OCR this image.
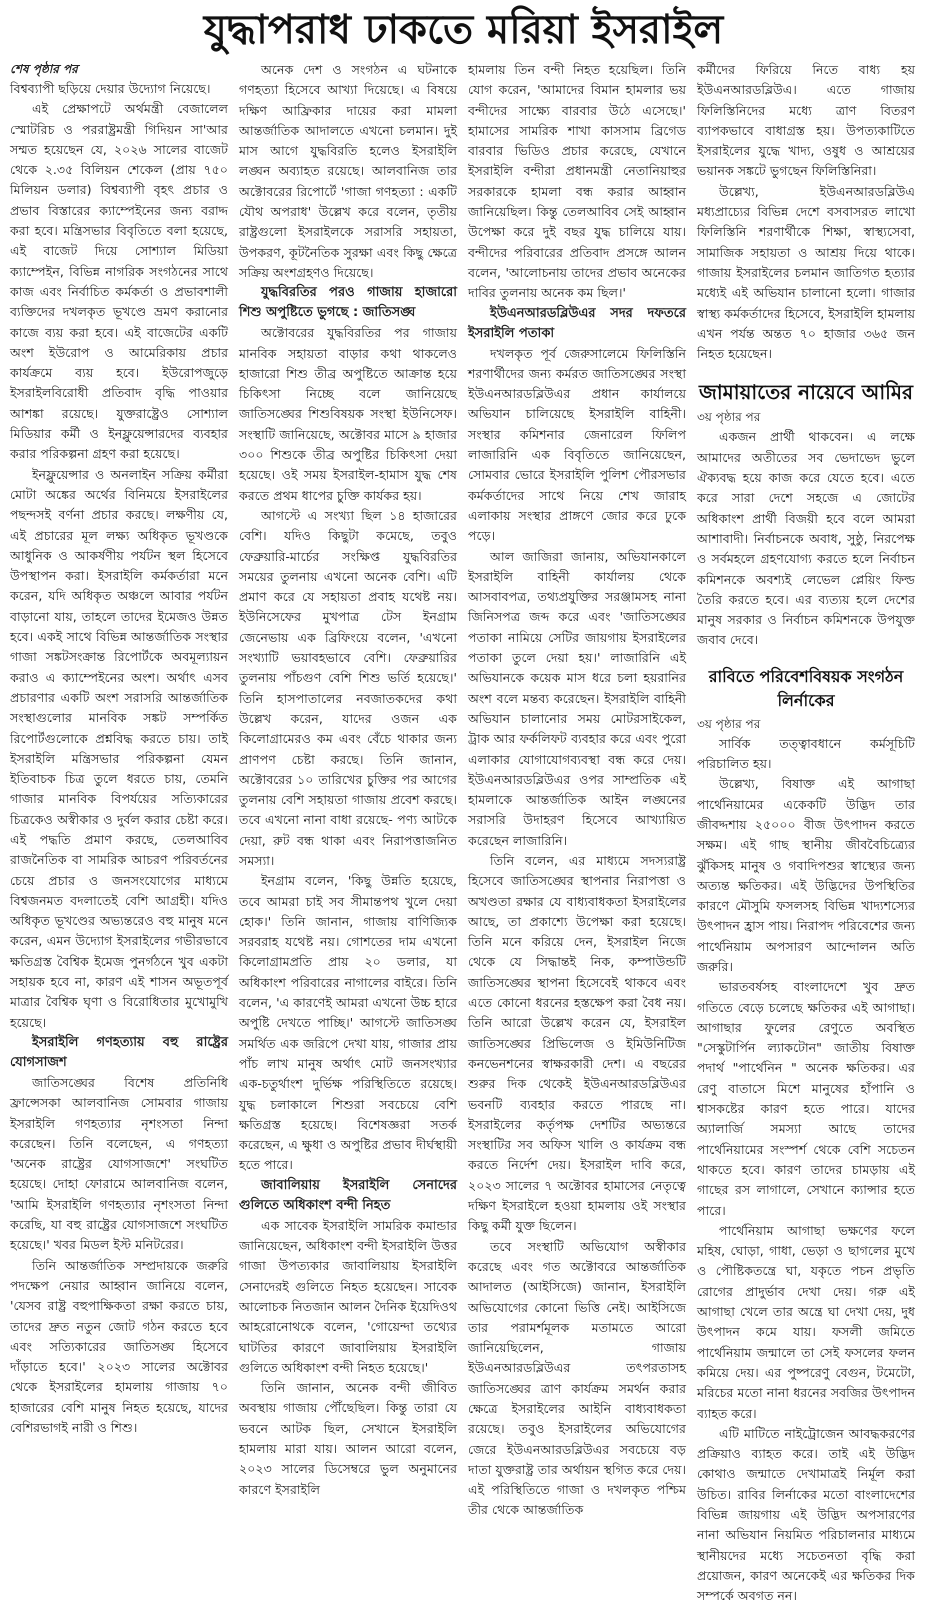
যুদ্ধাপরাধ ঢাকতে মরিয়া ইসরাইল
শেষ পৃষ্ঠার পর

বিশ্বব্যাপী ছড়িয়ে দেয়ার উদ্যোগ নিয়েছে।

এই প্রেক্ষাপটে অর্থমন্ত্রী বেজালেল স্মোটরিচ ও পররাষ্ট্রমন্ত্রী গিদিয়ন সা'আর সম্মত হয়েছেন যে, ২০২৬ সালের বাজেট থেকে ২.৩৫ বিলিয়ন শেকেল (প্রায় ৭৫০ মিলিয়ন ডলার) বিশ্বব্যাপী বৃহৎ প্রচার ও প্রভাব বিস্তারের ক্যাম্পেইনের জন্য বরাদ্দ করা হবে। মন্ত্রিসভার বিবৃতিতে বলা হয়েছে, এই বাজেট দিয়ে সোশ্যাল মিডিয়া ক্যাম্পেইন, বিভিন্ন নাগরিক সংগঠনের সাথে কাজ এবং নির্বাচিত কর্মকর্তা ও প্রভাবশালী ব্যক্তিদের দখলকৃত ভূখণ্ডে ভ্রমণ করানোর কাজে ব্যয় করা হবে। এই বাজেটের একটি অংশ ইউরোপ ও আমেরিকায় প্রচার কার্যক্রমে ব্যয় হবে। ইউরোপজুড়ে ইসরাইলবিরোধী প্রতিবাদ বৃদ্ধি পাওয়ার আশঙ্কা রয়েছে। যুক্তরাষ্ট্রেও সোশ্যাল মিডিয়ার কর্মী ও ইনফ্লুয়েন্সারদের ব্যবহার করার পরিকল্পনা গ্রহণ করা হয়েছে।

ইনফ্লুয়েন্সার ও অনলাইন সক্রিয় কর্মীরা মোটা অঙ্কের অর্থের বিনিময়ে ইসরাইলের পছন্দসই বর্ণনা প্রচার করছে। লক্ষণীয় যে, এই প্রচারের মূল লক্ষ্য অধিকৃত ভূখণ্ডকে আধুনিক ও আকর্ষণীয় পর্যটন স্থল হিসেবে উপস্থাপন করা। ইসরাইলি কর্মকর্তারা মনে করেন, যদি অধিকৃত অঞ্চলে আবার পর্যটন বাড়ানো যায়, তাহলে তাদের ইমেজও উন্নত হবে। একই সাথে বিভিন্ন আন্তর্জাতিক সংস্থার গাজা সঙ্কটসংক্রান্ত রিপোর্টকে অবমূল্যায়ন করাও এ ক্যাম্পেইনের অংশ। অর্থাৎ এসব প্রচারণার একটি অংশ সরাসরি আন্তর্জাতিক সংস্থাগুলোর মানবিক সঙ্কট সম্পর্কিত রিপোর্টগুলোকে প্রশ্নবিদ্ধ করতে চায়। তাই ইসরাইলি মন্ত্রিসভার পরিকল্পনা যেমন ইতিবাচক চিত্র তুলে ধরতে চায়, তেমনি গাজার মানবিক বিপর্যয়ের সত্যিকারের চিত্রকেও অস্বীকার ও দুর্বল করার চেষ্টা করে। এই পদ্ধতি প্রমাণ করছে, তেলআবিব রাজনৈতিক বা সামরিক আচরণ পরিবর্তনের চেয়ে প্রচার ও জনসংযোগের মাধ্যমে বিশ্বজনমত বদলাতেই বেশি আগ্রহী। যদিও অধিকৃত ভূখণ্ডের অভ্যন্তরেও বহু মানুষ মনে করেন, এমন উদ্যোগ ইসরাইলের গভীরভাবে ক্ষতিগ্রস্ত বৈশ্বিক ইমেজ পুনর্গঠনে খুব একটা সহায়ক হবে না, কারণ এই শাসন অভূতপূর্ব মাত্রার বৈশ্বিক ঘৃণা ও বিরোধিতার মুখোমুখি হয়েছে।

ইসরাইলি গণহত্যায় বহু রাষ্ট্রের যোগসাজশ

জাতিসঙ্ঘের বিশেষ প্রতিনিধি ফ্রান্সেসকা আলবানিজ সোমবার গাজায় ইসরাইলি গণহত্যার নৃশংসতা নিন্দা করেছেন। তিনি বলেছেন, এ গণহত্যা 'অনেক রাষ্ট্রের যোগসাজশে' সংঘটিত হয়েছে। দোহা ফোরামে আলবানিজ বলেন, 'আমি ইসরাইলি গণহত্যার নৃশংসতা নিন্দা করেছি, যা বহু রাষ্ট্রের যোগসাজশে সংঘটিত হয়েছে।' খবর মিডল ইস্ট মনিটরের।

তিনি আন্তর্জাতিক সম্প্রদায়কে জরুরি পদক্ষেপ নেয়ার আহ্বান জানিয়ে বলেন, 'যেসব রাষ্ট্র বহুপাক্ষিকতা রক্ষা করতে চায়, তাদের দ্রুত নতুন জোট গঠন করতে হবে এবং সত্যিকারের জাতিসঙ্ঘ হিসেবে দাঁড়াতে হবে।' ২০২৩ সালের অক্টোবর থেকে ইসরাইলের হামলায় গাজায় ৭০ হাজারের বেশি মানুষ নিহত হয়েছে, যাদের বেশিরভাগই নারী ও শিশু।

অনেক দেশ ও সংগঠন এ ঘটনাকে গণহত্যা হিসেবে আখ্যা দিয়েছে। এ বিষয়ে দক্ষিণ আফ্রিকার দায়ের করা মামলা আন্তর্জাতিক আদালতে এখনো চলমান। দুই মাস আগে যুদ্ধবিরতি হলেও ইসরাইলি লঙ্ঘন অব্যাহত রয়েছে। আলবানিজ তার অক্টোবরের রিপোর্টে 'গাজা গণহত্যা : একটি যৌথ অপরাধ' উল্লেখ করে বলেন, তৃতীয় রাষ্ট্রগুলো ইসরাইলকে সরাসরি সহায়তা, উপকরণ, কূটনৈতিক সুরক্ষা এবং কিছু ক্ষেত্রে সক্রিয় অংশগ্রহণও দিয়েছে।

যুদ্ধবিরতির পরও গাজায় হাজারো শিশু অপুষ্টিতে ভুগছে : জাতিসঙ্ঘ

অক্টোবরের যুদ্ধবিরতির পর গাজায় মানবিক সহায়তা বাড়ার কথা থাকলেও হাজারো শিশু তীব্র অপুষ্টিতে আক্রান্ত হয়ে চিকিৎসা নিচ্ছে বলে জানিয়েছে জাতিসঙ্ঘের শিশুবিষয়ক সংস্থা ইউনিসেফ। সংস্থাটি জানিয়েছে, অক্টোবর মাসে ৯ হাজার ৩০০ শিশুকে তীব্র অপুষ্টির চিকিৎসা দেয়া হয়েছে। ওই সময় ইসরাইল-হামাস যুদ্ধ শেষ করতে প্রথম ধাপের চুক্তি কার্যকর হয়।

আগস্টে এ সংখ্যা ছিল ১৪ হাজারের বেশি। যদিও কিছুটা কমেছে, তবুও ফেব্রুয়ারি-মার্চের সংক্ষিপ্ত যুদ্ধবিরতির সময়ের তুলনায় এখনো অনেক বেশি। এটি প্রমাণ করে যে সহায়তা প্রবাহ যথেষ্ট নয়। ইউনিসেফের মুখপাত্র টেস ইনগ্রাম জেনেভায় এক ব্রিফিংয়ে বলেন, 'এখনো সংখ্যাটি ভয়াবহভাবে বেশি। ফেব্রুয়ারির তুলনায় পাঁচগুণ বেশি শিশু ভর্তি হয়েছে।' তিনি হাসপাতালের নবজাতকদের কথা উল্লেখ করেন, যাদের ওজন এক কিলোগ্রামেরও কম এবং বেঁচে থাকার জন্য প্রাণপণ চেষ্টা করছে। তিনি জানান, অক্টোবরের ১০ তারিখের চুক্তির পর আগের তুলনায় বেশি সহায়তা গাজায় প্রবেশ করছে। তবে এখনো নানা বাধা রয়েছে- পণ্য আটকে দেয়া, রুট বন্ধ থাকা এবং নিরাপত্তাজনিত সমস্যা।

ইনগ্রাম বলেন, 'কিছু উন্নতি হয়েছে, তবে আমরা চাই সব সীমান্তপথ খুলে দেয়া হোক।' তিনি জানান, গাজায় বাণিজ্যিক সরবরাহ যথেষ্ট নয়। গোশতের দাম এখনো কিলোগ্রামপ্রতি প্রায় ২০ ডলার, যা অধিকাংশ পরিবারের নাগালের বাইরে। তিনি বলেন, 'এ কারণেই আমরা এখনো উচ্চ হারে অপুষ্টি দেখতে পাচ্ছি।' আগস্টে জাতিসঙ্ঘ সমর্থিত এক জরিপে দেখা যায়, গাজার প্রায় পাঁচ লাখ মানুষ অর্থাৎ মোট জনসংখ্যার এক-চতুর্থাংশ দুর্ভিক্ষ পরিস্থিতিতে রয়েছে। যুদ্ধ চলাকালে শিশুরা সবচেয়ে বেশি ক্ষতিগ্রস্ত হয়েছে। বিশেষজ্ঞরা সতর্ক করেছেন, এ ক্ষুধা ও অপুষ্টির প্রভাব দীর্ঘস্থায়ী হতে পারে।

জাবালিয়ায় ইসরাইলি সেনাদের গুলিতে অধিকাংশ বন্দী নিহত

এক সাবেক ইসরাইলি সামরিক কমান্ডার জানিয়েছেন, অধিকাংশ বন্দী ইসরাইলি উত্তর গাজা উপত্যকার জাবালিয়ায় ইসরাইলি সেনাদেরই গুলিতে নিহত হয়েছেন। সাবেক আলোচক নিতজান আলন দৈনিক ইয়েদিওথ আহরোনোথকে বলেন, 'গোয়েন্দা তথ্যের ঘাটতির কারণে জাবালিয়ায় ইসরাইলি গুলিতে অধিকাংশ বন্দী নিহত হয়েছে।'

তিনি জানান, অনেক বন্দী জীবিত অবস্থায় গাজায় পৌঁছেছিল। কিন্তু তারা যে ভবনে আটক ছিল, সেখানে ইসরাইলি হামলায় মারা যায়। আলন আরো বলেন, ২০২৩ সালের ডিসেম্বরে ভুল অনুমানের কারণে ইসরাইলি

হামলায় তিন বন্দী নিহত হয়েছিল। তিনি যোগ করেন, 'আমাদের বিমান হামলার ভয় বন্দীদের সাক্ষ্যে বারবার উঠে এসেছে।' হামাসের সামরিক শাখা কাসসাম ব্রিগেড বারবার ভিডিও প্রচার করেছে, যেখানে ইসরাইলি বন্দীরা প্রধানমন্ত্রী নেতানিয়াহুর সরকারকে হামলা বন্ধ করার আহ্বান জানিয়েছিল। কিন্তু তেলআবিব সেই আহ্বান উপেক্ষা করে দুই বছর যুদ্ধ চালিয়ে যায়। বন্দীদের পরিবারের প্রতিবাদ প্রসঙ্গে আলন বলেন, 'আলোচনায় তাদের প্রভাব অনেকের দাবির তুলনায় অনেক কম ছিল।'

ইউএনআরডব্লিউএর সদর দফতরে ইসরাইলি পতাকা

দখলকৃত পূর্ব জেরুসালেমে ফিলিস্তিনি শরণার্থীদের জন্য কর্মরত জাতিসঙ্ঘের সংস্থা ইউএনআরডব্লিউএর প্রধান কার্যালয়ে অভিযান চালিয়েছে ইসরাইলি বাহিনী। সংস্থার কমিশনার জেনারেল ফিলিপ লাজারিনি এক বিবৃতিতে জানিয়েছেন, সোমবার ভোরে ইসরাইলি পুলিশ পৌরসভার কর্মকর্তাদের সাথে নিয়ে শেখ জারাহ এলাকায় সংস্থার প্রাঙ্গণে জোর করে ঢুকে পড়ে।

আল জাজিরা জানায়, অভিযানকালে ইসরাইলি বাহিনী কার্যালয় থেকে আসবাবপত্র, তথ্যপ্রযুক্তির সরঞ্জামসহ নানা জিনিসপত্র জব্দ করে এবং 'জাতিসঙ্ঘের পতাকা নামিয়ে সেটির জায়গায় ইসরাইলের পতাকা তুলে দেয়া হয়।' লাজারিনি এই অভিযানকে কয়েক মাস ধরে চলা হয়রানির অংশ বলে মন্তব্য করেছেন। ইসরাইলি বাহিনী অভিযান চালানোর সময় মোটরসাইকেল, ট্রাক আর ফর্কলিফট ব্যবহার করে এবং পুরো এলাকার যোগাযোগব্যবস্থা বন্ধ করে দেয়। ইউএনআরডব্লিউএর ওপর সাম্প্রতিক এই হামলাকে আন্তর্জাতিক আইন লঙ্ঘনের সরাসরি উদাহরণ হিসেবে আখ্যায়িত করেছেন লাজারিনি।

তিনি বলেন, এর মাধ্যমে সদস্যরাষ্ট্র হিসেবে জাতিসঙ্ঘের স্থাপনার নিরাপত্তা ও অখণ্ডতা রক্ষার যে বাধ্যবাধকতা ইসরাইলের আছে, তা প্রকাশ্যে উপেক্ষা করা হয়েছে। তিনি মনে করিয়ে দেন, ইসরাইল নিজে থেকে যে সিদ্ধান্তই নিক, কম্পাউন্ডটি জাতিসঙ্ঘের স্থাপনা হিসেবেই থাকবে এবং এতে কোনো ধরনের হস্তক্ষেপ করা বৈধ নয়। তিনি আরো উল্লেখ করেন যে, ইসরাইল জাতিসঙ্ঘের প্রিভিলেজ ও ইমিউনিটিজ কনভেনশনের স্বাক্ষরকারী দেশ। এ বছরের শুরুর দিক থেকেই ইউএনআরডব্লিউএর ভবনটি ব্যবহার করতে পারছে না। ইসরাইলের কর্তৃপক্ষ দেশটির অভ্যন্তরে সংস্থাটির সব অফিস খালি ও কার্যক্রম বন্ধ করতে নির্দেশ দেয়। ইসরাইল দাবি করে, ২০২৩ সালের ৭ অক্টোবর হামাসের নেতৃত্বে দক্ষিণ ইসরাইলে হওয়া হামলায় ওই সংস্থার কিছু কর্মী যুক্ত ছিলেন।

তবে সংস্থাটি অভিযোগ অস্বীকার করেছে এবং গত অক্টোবরে আন্তর্জাতিক আদালত (আইসিজে) জানান, ইসরাইলি অভিযোগের কোনো ভিত্তি নেই। আইসিজে তার পরামর্শমূলক মতামতে আরো জানিয়েছিলেন, গাজায় ইউএনআরডব্লিউএর তৎপরতাসহ জাতিসঙ্ঘের ত্রাণ কার্যক্রম সমর্থন করার ক্ষেত্রে ইসরাইলের আইনি বাধ্যবাধকতা রয়েছে। তবুও ইসরাইলের অভিযোগের জেরে ইউএনআরডব্লিউএর সবচেয়ে বড় দাতা যুক্তরাষ্ট্র তার অর্থায়ন স্থগিত করে দেয়। এই পরিস্থিতিতে গাজা ও দখলকৃত পশ্চিম তীর থেকে আন্তর্জাতিক

কর্মীদের ফিরিয়ে নিতে বাধ্য হয় ইউএনআরডব্লিউএ। এতে গাজায় ফিলিস্তিনিদের মধ্যে ত্রাণ বিতরণ ব্যাপকভাবে বাধাগ্রস্ত হয়। উপত্যকাটিতে ইসরাইলের যুদ্ধে খাদ্য, ওষুধ ও আশ্রয়ের ভয়ানক সঙ্কটে ভুগছেন ফিলিস্তিনিরা।

উল্লেখ্য, ইউএনআরডব্লিউএ মধ্যপ্রাচ্যের বিভিন্ন দেশে বসবাসরত লাখো ফিলিস্তিনি শরণার্থীকে শিক্ষা, স্বাস্থ্যসেবা, সামাজিক সহায়তা ও আশ্রয় দিয়ে থাকে। গাজায় ইসরাইলের চলমান জাতিগত হত্যার মধ্যেই এই অভিযান চালানো হলো। গাজার স্বাস্থ্য কর্মকর্তাদের হিসেবে, ইসরাইলি হামলায় এখন পর্যন্ত অন্তত ৭০ হাজার ৩৬৫ জন নিহত হয়েছেন।

জামায়াতের নায়েবে আমির
৩য় পৃষ্ঠার পর

একজন প্রার্থী থাকবেন। এ লক্ষে আমাদের অতীতের সব ভেদাভেদ ভুলে ঐক্যবদ্ধ হয়ে কাজ করে যেতে হবে। এতে করে সারা দেশে সহজে এ জোটের অধিকাংশ প্রার্থী বিজয়ী হবে বলে আমরা আশাবাদী। নির্বাচনকে অবাধ, সুষ্ঠু, নিরপেক্ষ ও সর্বমহলে গ্রহণযোগ্য করতে হলে নির্বাচন কমিশনকে অবশ্যই লেভেল প্লেয়িং ফিল্ড তৈরি করতে হবে। এর ব্যত্যয় হলে দেশের মানুষ সরকার ও নির্বাচন কমিশনকে উপযুক্ত জবাব দেবে।

রাবিতে পরিবেশবিষয়ক সংগঠন লির্নাকের
৩য় পৃষ্ঠার পর

সার্বিক তত্ত্বাবধানে কর্মসূচিটি পরিচালিত হয়।

উল্লেখ্য, বিষাক্ত এই আগাছা পার্থেনিয়ামের একেকটি উদ্ভিদ তার জীবদ্দশায় ২৫০০০ বীজ উৎপাদন করতে সক্ষম। এই গাছ স্থানীয় জীববৈচিত্র্যের ঝুঁকিসহ মানুষ ও গবাদিপশুর স্বাস্থ্যের জন্য অত্যন্ত ক্ষতিকর। এই উদ্ভিদের উপস্থিতির কারণে মৌসুমি ফসলসহ বিভিন্ন খাদ্যশস্যের উৎপাদন হ্রাস পায়। নিরাপদ পরিবেশের জন্য পার্থেনিয়াম অপসারণ আন্দোলন অতি জরুরি।

ভারতবর্ষসহ বাংলাদেশে খুব দ্রুত গতিতে বেড়ে চলেছে ক্ষতিকর এই আগাছা। আগাছার ফুলের রেণুতে অবস্থিত "সেস্কুটার্পিন ল্যাকটোন" জাতীয় বিষাক্ত পদার্থ "পার্থেনিন " অনেক ক্ষতিকর। এর রেণু বাতাসে মিশে মানুষের হাঁপানি ও শ্বাসকষ্টের কারণ হতে পারে। যাদের অ্যালার্জি সমস্যা আছে তাদের পার্থেনিয়ামের সংস্পর্শ থেকে বেশি সচেতন থাকতে হবে। কারণ তাদের চামড়ায় এই গাছের রস লাগালে, সেখানে ক্যান্সার হতে পারে।

পার্থেনিয়াম আগাছা ভক্ষণের ফলে মহিষ, ঘোড়া, গাধা, ভেড়া ও ছাগলের মুখে ও পৌষ্টিকতন্ত্রে ঘা, যকৃতে পচন প্রভৃতি রোগের প্রাদুর্ভাব দেখা দেয়। গরু এই আগাছা খেলে তার অন্ত্রে ঘা দেখা দেয়, দুধ উৎপাদন কমে যায়। ফসলী জমিতে পার্থেনিয়াম জন্মালে তা সেই ফসলের ফলন কমিয়ে দেয়। এর পুষ্পরেণু বেগুন, টমেটো, মরিচের মতো নানা ধরনের সবজির উৎপাদন ব্যাহত করে।

এটি মাটিতে নাইট্রোজেন আবদ্ধকরণের প্রক্রিয়াও ব্যাহত করে। তাই এই উদ্ভিদ কোথাও জন্মাতে দেখামাত্রই নির্মূল করা উচিত। রাবির লির্নাকের মতো বাংলাদেশের বিভিন্ন জায়গায় এই উদ্ভিদ অপসারণের নানা অভিযান নিয়মিত পরিচালনার মাধ্যমে স্থানীয়দের মধ্যে সচেতনতা বৃদ্ধি করা প্রয়োজন, কারণ অনেকেই এর ক্ষতিকর দিক সম্পর্কে অবগত নন।
